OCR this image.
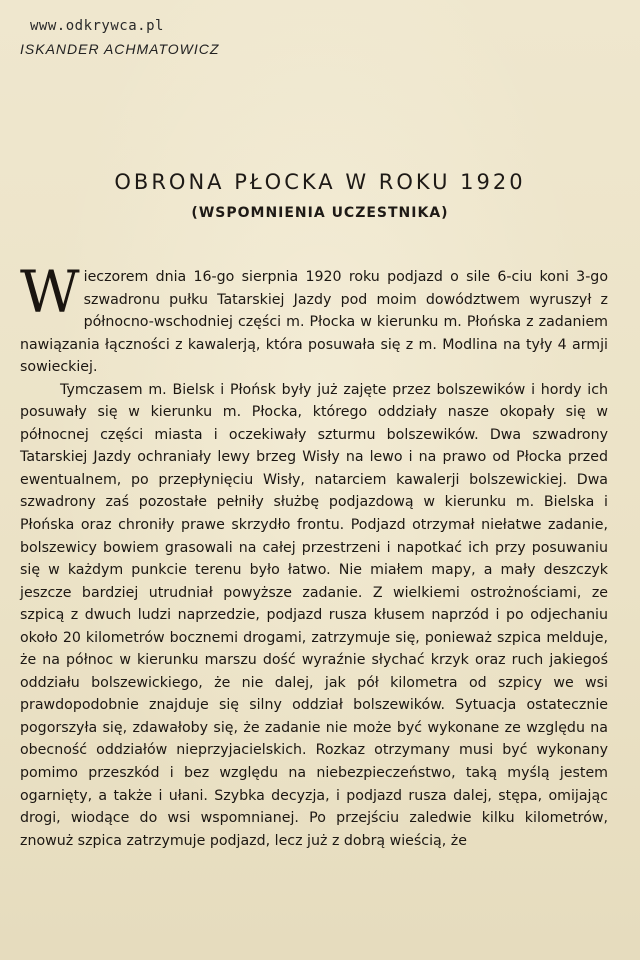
www.odkrywca.pl
ISKANDER ACHMATOWICZ
OBRONA PŁOCKA W ROKU 1920
(WSPOMNIENIA UCZESTNIKA)

Wieczorem dnia 16-go sierpnia 1920 roku podjazd o sile 6-ciu koni 3-go szwadronu pułku Tatarskiej Jazdy pod moim dowództwem wyruszył z północno-wschodniej części m. Płocka w kierunku m. Płońska z zadaniem nawiązania łączności z kawalerją, która posuwała się z m. Modlina na tyły 4 armji sowieckiej.

Tymczasem m. Bielsk i Płońsk były już zajęte przez bolszewików i hordy ich posuwały się w kierunku m. Płocka, którego oddziały nasze okopały się w północnej części miasta i oczekiwały szturmu bolszewików. Dwa szwadrony Tatarskiej Jazdy ochraniały lewy brzeg Wisły na lewo i na prawo od Płocka przed ewentualnem, po przepłynięciu Wisły, natarciem kawalerji bolszewickiej. Dwa szwadrony zaś pozostałe pełniły służbę podjazdową w kierunku m. Bielska i Płońska oraz chroniły prawe skrzydło frontu. Podjazd otrzymał niełatwe zadanie, bolszewicy bowiem grasowali na całej przestrzeni i napotkać ich przy posuwaniu się w każdym punkcie terenu było łatwo. Nie miałem mapy, a mały deszczyk jeszcze bardziej utrudniał powyższe zadanie. Z wielkiemi ostrożnościami, ze szpicą z dwuch ludzi naprzedzie, podjazd rusza kłusem naprzód i po odjechaniu około 20 kilometrów bocznemi drogami, zatrzymuje się, ponieważ szpica melduje, że na północ w kierunku marszu dość wyraźnie słychać krzyk oraz ruch jakiegoś oddziału bolszewickiego, że nie dalej, jak pół kilometra od szpicy we wsi prawdopodobnie znajduje się silny oddział bolszewików. Sytuacja ostatecznie pogorszyła się, zdawałoby się, że zadanie nie może być wykonane ze względu na obecność oddziałów nieprzyjacielskich. Rozkaz otrzymany musi być wykonany pomimo przeszkód i bez względu na niebezpieczeństwo, taką myślą jestem ogarnięty, a także i ułani. Szybka decyzja, i podjazd rusza dalej, stępa, omijając drogi, wiodące do wsi wspomnianej. Po przejściu zaledwie kilku kilometrów, znowuż szpica zatrzymuje podjazd, lecz już z dobrą wieścią, że
